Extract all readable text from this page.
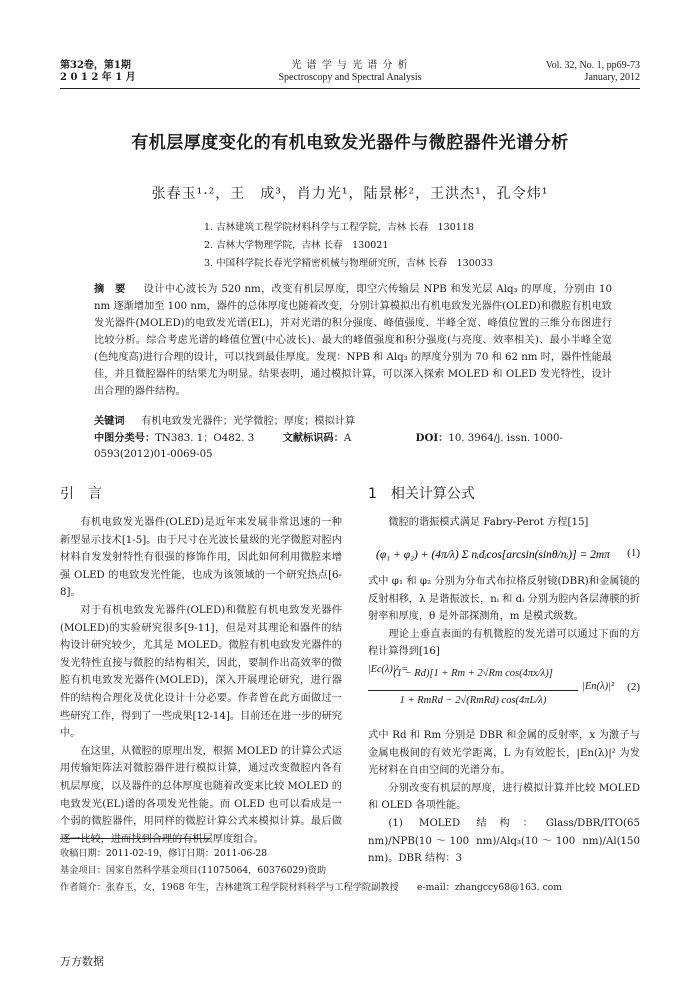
第32卷，第1期
2 0 1 2 年 1 月
光 谱 学 与 光 谱 分 析
Spectroscopy and Spectral Analysis
Vol. 32, No. 1, pp69-73
January, 2012
有机层厚度变化的有机电致发光器件与微腔器件光谱分析
张春玉¹·²，王　成³，肖力光¹，陆景彬²，王洪杰¹，孔令炜¹
1. 吉林建筑工程学院材料科学与工程学院，吉林 长春　130118
2. 吉林大学物理学院，吉林 长春　130021
3. 中国科学院长春光学精密机械与物理研究所，吉林 长春　130033
摘　要 　 设计中心波长为 520 nm，改变有机层厚度，即空穴传输层 NPB 和发光层 Alq₃ 的厚度，分别由 10 nm 逐渐增加至 100 nm，器件的总体厚度也随着改变，分别计算模拟出有机电致发光器件(OLED)和微腔有机电致发光器件(MOLED)的电致发光谱(EL)，并对光谱的积分强度、峰值强度、半峰全宽、峰值位置的三维分布图进行比较分析。综合考虑光谱的峰值位置(中心波长)、最大的峰值强度和积分强度(与亮度、效率相关)、最小半峰全宽(色纯度高)进行合理的设计，可以找到最佳厚度。发现：NPB 和 Alq₃ 的厚度分别为 70 和 62 nm 时，器件性能最佳，并且微腔器件的结果尤为明显。结果表明，通过模拟计算，可以深入探索 MOLED 和 OLED 发光特性，设计出合理的器件结构。
关键词 　 有机电致发光器件；光学微腔；厚度；模拟计算
中图分类号：TN383. 1；O482. 3	文献标识码：A	DOI：10. 3964/j. issn. 1000-0593(2012)01-0069-05
引　言	1　相关计算公式

有机电致发光器件(OLED)是近年来发展非常迅速的一种新型显示技术[1-5]。由于尺寸在光波长量级的光学微腔对腔内材料自发发射特性有很强的修饰作用，因此如何利用微腔来增强 OLED 的电致发光性能，也成为该领域的一个研究热点[6-8]。

对于有机电致发光器件(OLED)和微腔有机电致发光器件(MOLED)的实验研究很多[9-11]，但是对其理论和器件的结构设计研究较少，尤其是 MOLED。微腔有机电致发光器件的发光特性直接与微腔的结构相关，因此，要制作出高效率的微腔有机电致发光器件(MOLED)，深入开展理论研究，进行器件的结构合理化及优化设计十分必要。作者曾在此方面做过一些研究工作，得到了一些成果[12-14]。目前还在进一步的研究中。

在这里，从微腔的原理出发，根据 MOLED 的计算公式运用传输矩阵法对微腔器件进行模拟计算，通过改变微腔内各有机层厚度，以及器件的总体厚度也随着改变来比较 MOLED 的电致发光(EL)谱的各项发光性能。而 OLED 也可以看成是一个弱的微腔器件，用同样的微腔计算公式来模拟计算。最后做逐一比较，进而找到合理的有机层厚度组合。

微腔的谐振模式满足 Fabry-Perot 方程[15]

(φ₁ + φ₂) + (4π/λ) Σ nᵢdᵢcos[arcsin(sinθ/nᵢ)] = 2mπ (1)

式中 φ₁ 和 φ₂ 分别为分布式布拉格反射镜(DBR)和金属镜的反射相移，λ 是谐振波长，nᵢ 和 dᵢ 分别为腔内各层薄膜的折射率和厚度，θ 是外部探测角，m 是模式级数。

理论上垂直表面的有机微腔的发光谱可以通过下面的方程计算得到[16]

|Ec(λ)|² =

(1 − Rd)[1 + Rm + 2√Rm cos(4πx/λ)]
1 + RmRd − 2√(RmRd) cos(4πL/λ)
|En(λ)|² (2)

式中 Rd 和 Rm 分别是 DBR 和金属的反射率，x 为激子与金属电极间的有效光学距离，L 为有效腔长，|En(λ)|² 为发光材料在自由空间的光谱分布。

分别改变有机层的厚度，进行模拟计算并比较 MOLED 和 OLED 各项性能。

(1) MOLED 结构：Glass/DBR/ITO(65 nm)/NPB(10～100 nm)/Alq₃(10～100 nm)/Al(150 nm)。DBR 结构：3

收稿日期：2011-02-19，修订日期：2011-06-28
基金项目：国家自然科学基金项目(11075064，60376029)资助
作者简介：张春玉，女，1968 年生，吉林建筑工程学院材料科学与工程学院副教授　　e-mail：zhangccy68@163. com
万方数据
